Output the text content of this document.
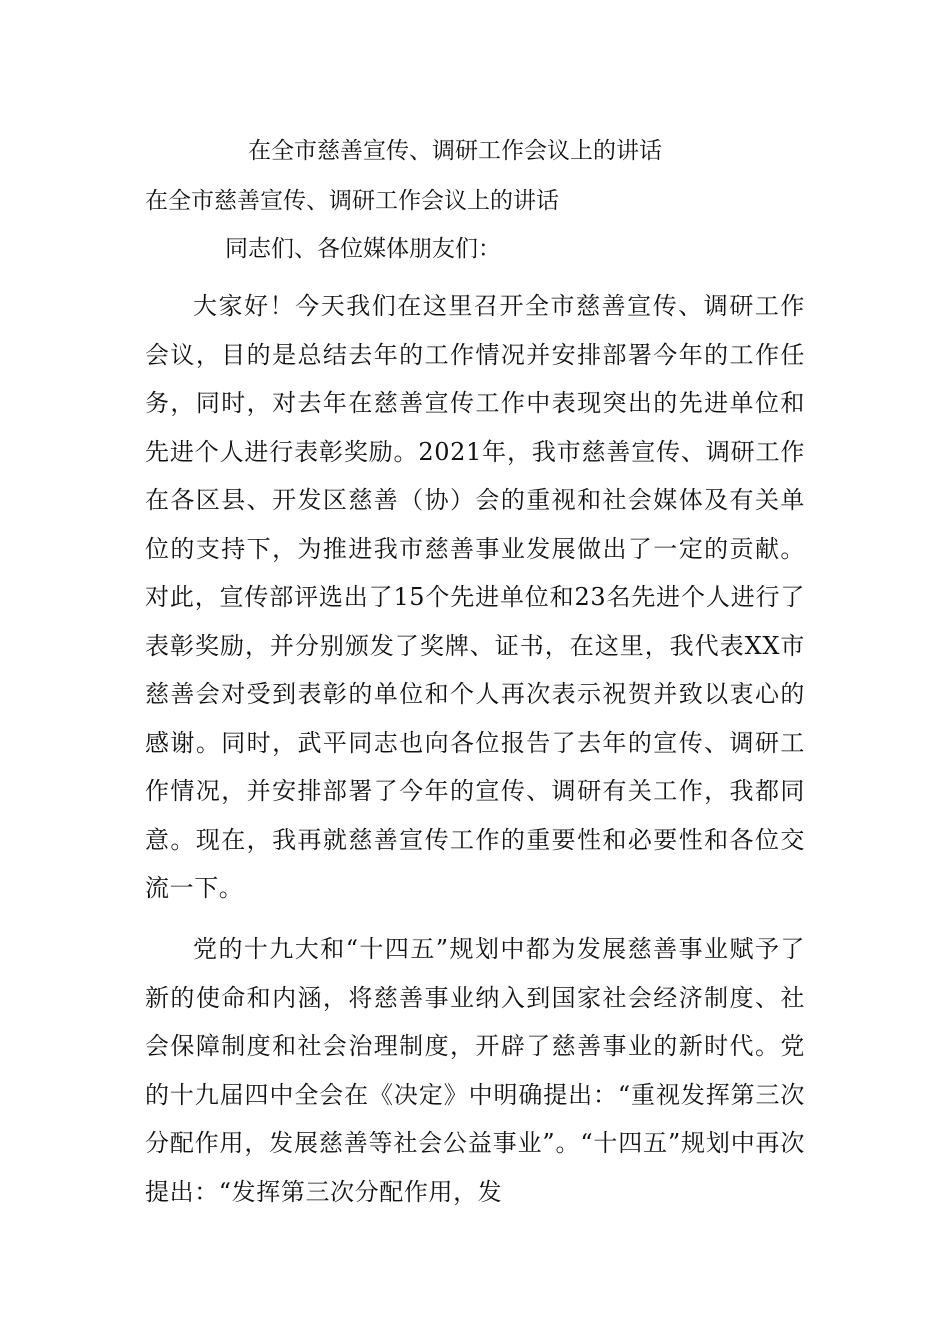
在全市慈善宣传、调研工作会议上的讲话
在全市慈善宣传、调研工作会议上的讲话
同志们、各位媒体朋友们：

大家好！今天我们在这里召开全市慈善宣传、调研工作会议，目的是总结去年的工作情况并安排部署今年的工作任务，同时，对去年在慈善宣传工作中表现突出的先进单位和先进个人进行表彰奖励。2021年，我市慈善宣传、调研工作在各区县、开发区慈善（协）会的重视和社会媒体及有关单位的支持下，为推进我市慈善事业发展做出了一定的贡献。对此，宣传部评选出了15个先进单位和23名先进个人进行了表彰奖励，并分别颁发了奖牌、证书，在这里，我代表XX市慈善会对受到表彰的单位和个人再次表示祝贺并致以衷心的感谢。同时，武平同志也向各位报告了去年的宣传、调研工作情况，并安排部署了今年的宣传、调研有关工作，我都同意。现在，我再就慈善宣传工作的重要性和必要性和各位交流一下。

党的十九大和“十四五”规划中都为发展慈善事业赋予了新的使命和内涵，将慈善事业纳入到国家社会经济制度、社会保障制度和社会治理制度，开辟了慈善事业的新时代。党的十九届四中全会在《决定》中明确提出：“重视发挥第三次分配作用，发展慈善等社会公益事业”。“十四五”规划中再次提出：“发挥第三次分配作用，发
